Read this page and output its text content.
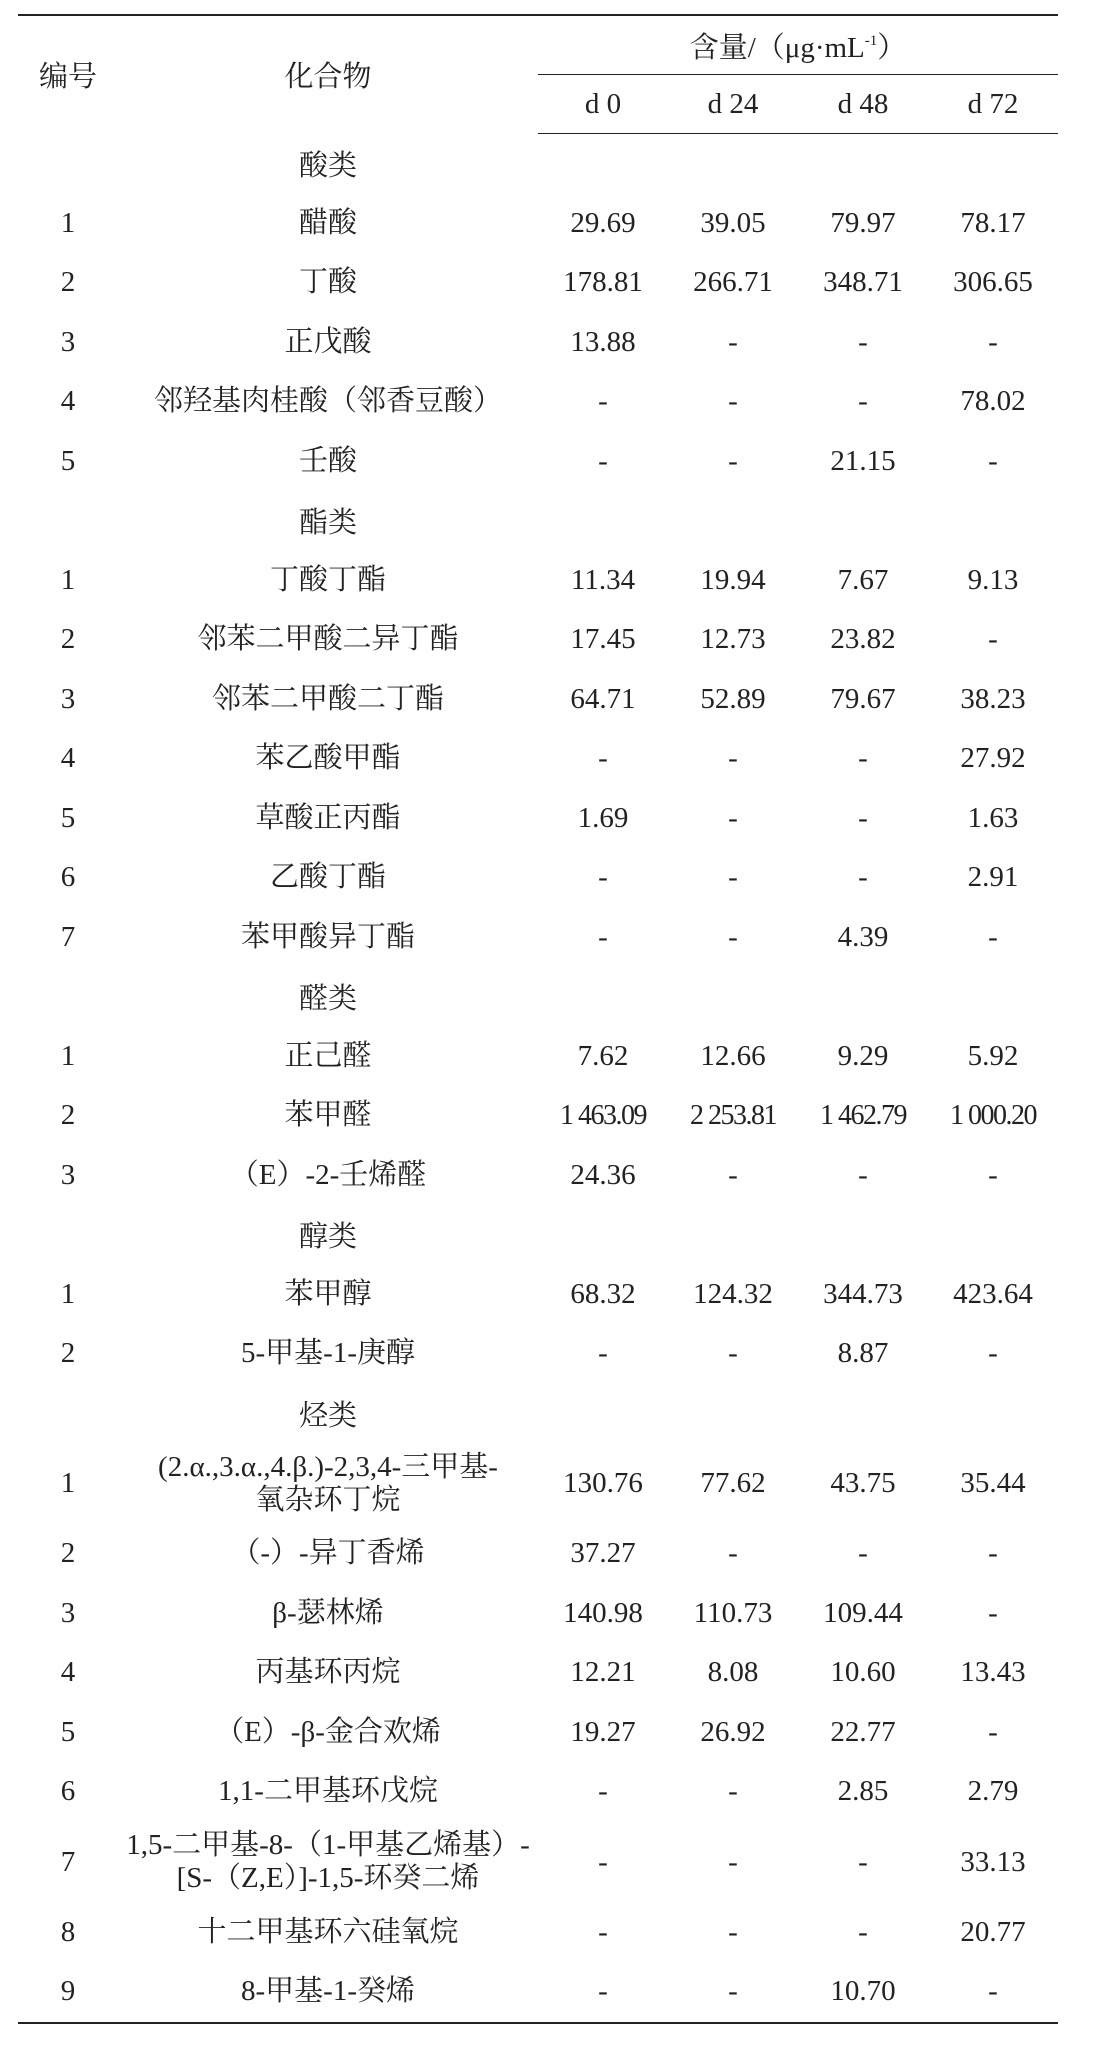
编号	化合物	含量$/(\mu g\cdot mL^{-1})$			
		d 0	d 24	d 48	d 72
	酸类				
1	醋酸	29.69	39.05	79.97	78.17
2	丁酸	178.81	266.71	348.71	306.65
3	正戊酸	13.88	-	-	-
4	邻羟基肉桂酸（邻香豆酸）	-	-	-	78.02
5	壬酸	-	-	21.15	-
	酯类				
1	丁酸丁酯	11.34	19.94	7.67	9.13
2	邻苯二甲酸二异丁酯	17.45	12.73	23.82	-
3	邻苯二甲酸二丁酯	64.71	52.89	79.67	38.23
4	苯乙酸甲酯	-	-	-	27.92
5	草酸正丙酯	1.69	-	-	1.63
6	乙酸丁酯	-	-	-	2.91
7	苯甲酸异丁酯	-	-	4.39	-
	醛类				
1	正己醛	7.62	12.66	9.29	5.92
2	苯甲醛	1 463.09	2 253.81	1 462.79	1 000.20
3	（E）-2-壬烯醛	24.36	-	-	-
	醇类				
1	苯甲醇	68.32	124.32	344.73	423.64
2	5-甲基-1-庚醇	-	-	8.87	-
	烃类				
1	(2.α.,3.α.,4.β.)-2,3,4-三甲基-
氧杂环丁烷	130.76	77.62	43.75	35.44
2	（-）-异丁香烯	37.27	-	-	-
3	β-瑟林烯	140.98	110.73	109.44	-
4	丙基环丙烷	12.21	8.08	10.60	13.43
5	（E）-β-金合欢烯	19.27	26.92	22.77	-
6	1,1-二甲基环戊烷	-	-	2.85	2.79
7	1,5-二甲基-8-（1-甲基乙烯基）-
[S-（Z,E）]-1,5-环癸二烯	-	-	-	33.13
8	十二甲基环六硅氧烷	-	-	-	20.77
9	8-甲基-1-癸烯	-	-	10.70	-
